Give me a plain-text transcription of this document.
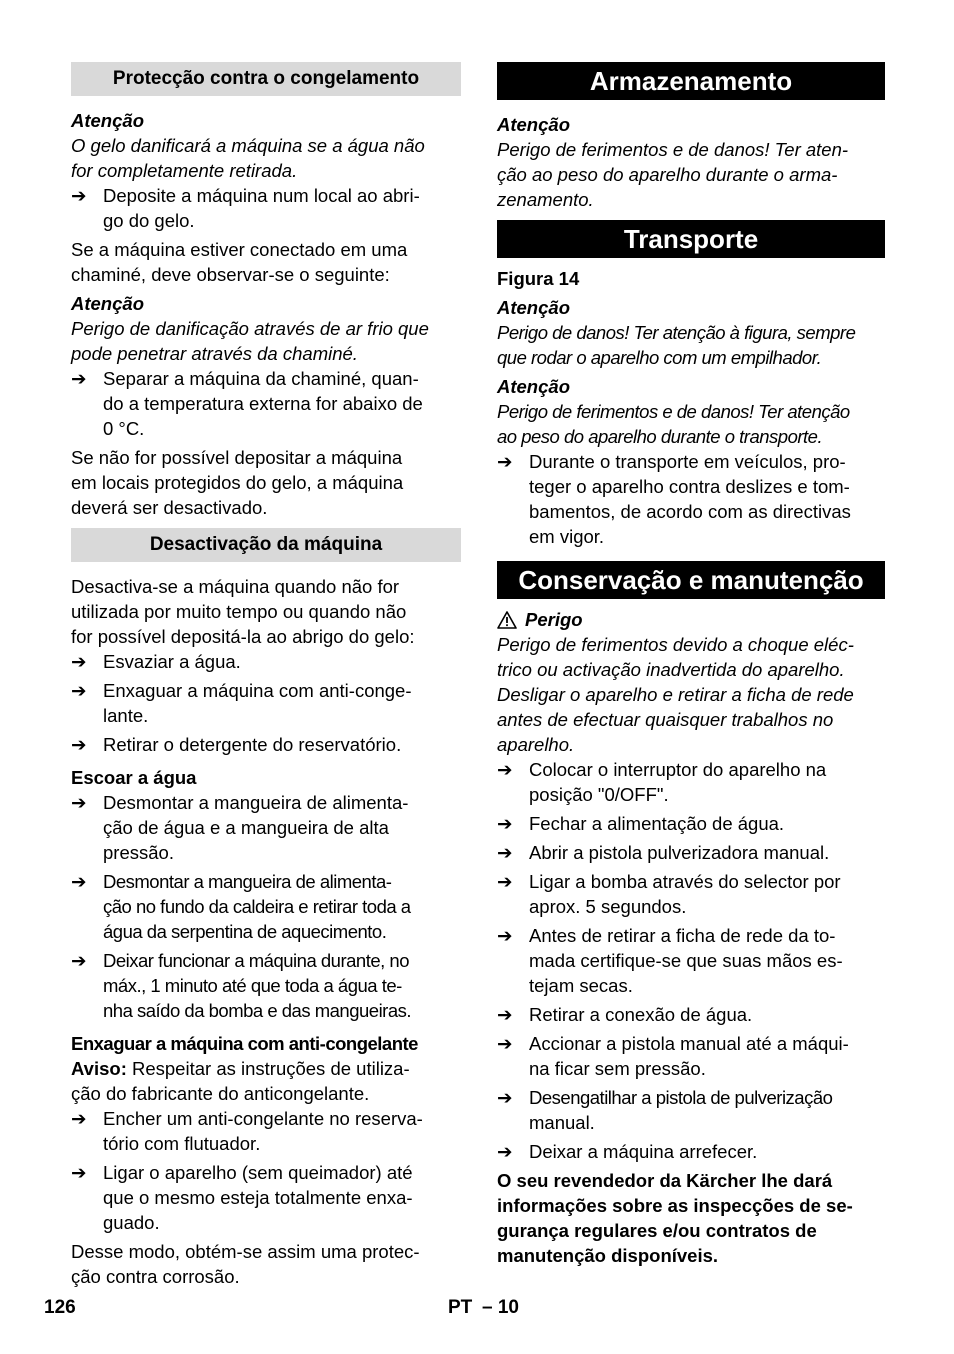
Protecção contra o congelamento
Atenção
O gelo danificará a máquina se a água não
for completamente retirada.
➔ Deposite a máquina num local ao abri-
go do gelo.
Se a máquina estiver conectado em uma
chaminé, deve observar-se o seguinte:
Atenção
Perigo de danificação através de ar frio que
pode penetrar através da chaminé.
➔ Separar a máquina da chaminé, quan-
do a temperatura externa for abaixo de
0 °C.
Se não for possível depositar a máquina
em locais protegidos do gelo, a máquina
deverá ser desactivado.
Desactivação da máquina
Desactiva-se a máquina quando não for
utilizada por muito tempo ou quando não
for possível depositá-la ao abrigo do gelo:
➔ Esvaziar a água.
➔ Enxaguar a máquina com anti-conge-
lante.
➔ Retirar o detergente do reservatório.
Escoar a água
➔ Desmontar a mangueira de alimenta-
ção de água e a mangueira de alta
pressão.
➔ Desmontar a mangueira de alimenta-
ção no fundo da caldeira e retirar toda a
água da serpentina de aquecimento.
➔ Deixar funcionar a máquina durante, no
máx., 1 minuto até que toda a água te-
nha saído da bomba e das mangueiras.
Enxaguar a máquina com anti-congelante
Aviso: Respeitar as instruções de utiliza-
ção do fabricante do anticongelante.
➔ Encher um anti-congelante no reserva-
tório com flutuador.
➔ Ligar o aparelho (sem queimador) até
que o mesmo esteja totalmente enxa-
guado.
Desse modo, obtém-se assim uma protec-
ção contra corrosão.
Armazenamento
Atenção
Perigo de ferimentos e de danos! Ter aten-
ção ao peso do aparelho durante o arma-
zenamento.
Transporte
Figura 14
Atenção
Perigo de danos! Ter atenção à figura, sempre
que rodar o aparelho com um empilhador.
Atenção
Perigo de ferimentos e de danos! Ter atenção
ao peso do aparelho durante o transporte.
➔ Durante o transporte em veículos, pro-
teger o aparelho contra deslizes e tom-
bamentos, de acordo com as directivas
em vigor.
Conservação e manutenção
Perigo
Perigo de ferimentos devido a choque eléc-
trico ou activação inadvertida do aparelho.
Desligar o aparelho e retirar a ficha de rede
antes de efectuar quaisquer trabalhos no
aparelho.
➔ Colocar o interruptor do aparelho na
posição "0/OFF".
➔ Fechar a alimentação de água.
➔ Abrir a pistola pulverizadora manual.
➔ Ligar a bomba através do selector por
aprox. 5 segundos.
➔ Antes de retirar a ficha de rede da to-
mada certifique-se que suas mãos es-
tejam secas.
➔ Retirar a conexão de água.
➔ Accionar a pistola manual até a máqui-
na ficar sem pressão.
➔ Desengatilhar a pistola de pulverização
manual.
➔ Deixar a máquina arrefecer.
O seu revendedor da Kärcher lhe dará
informações sobre as inspecções de se-
gurança regulares e/ou contratos de
manutenção disponíveis.
126	PT – 10
